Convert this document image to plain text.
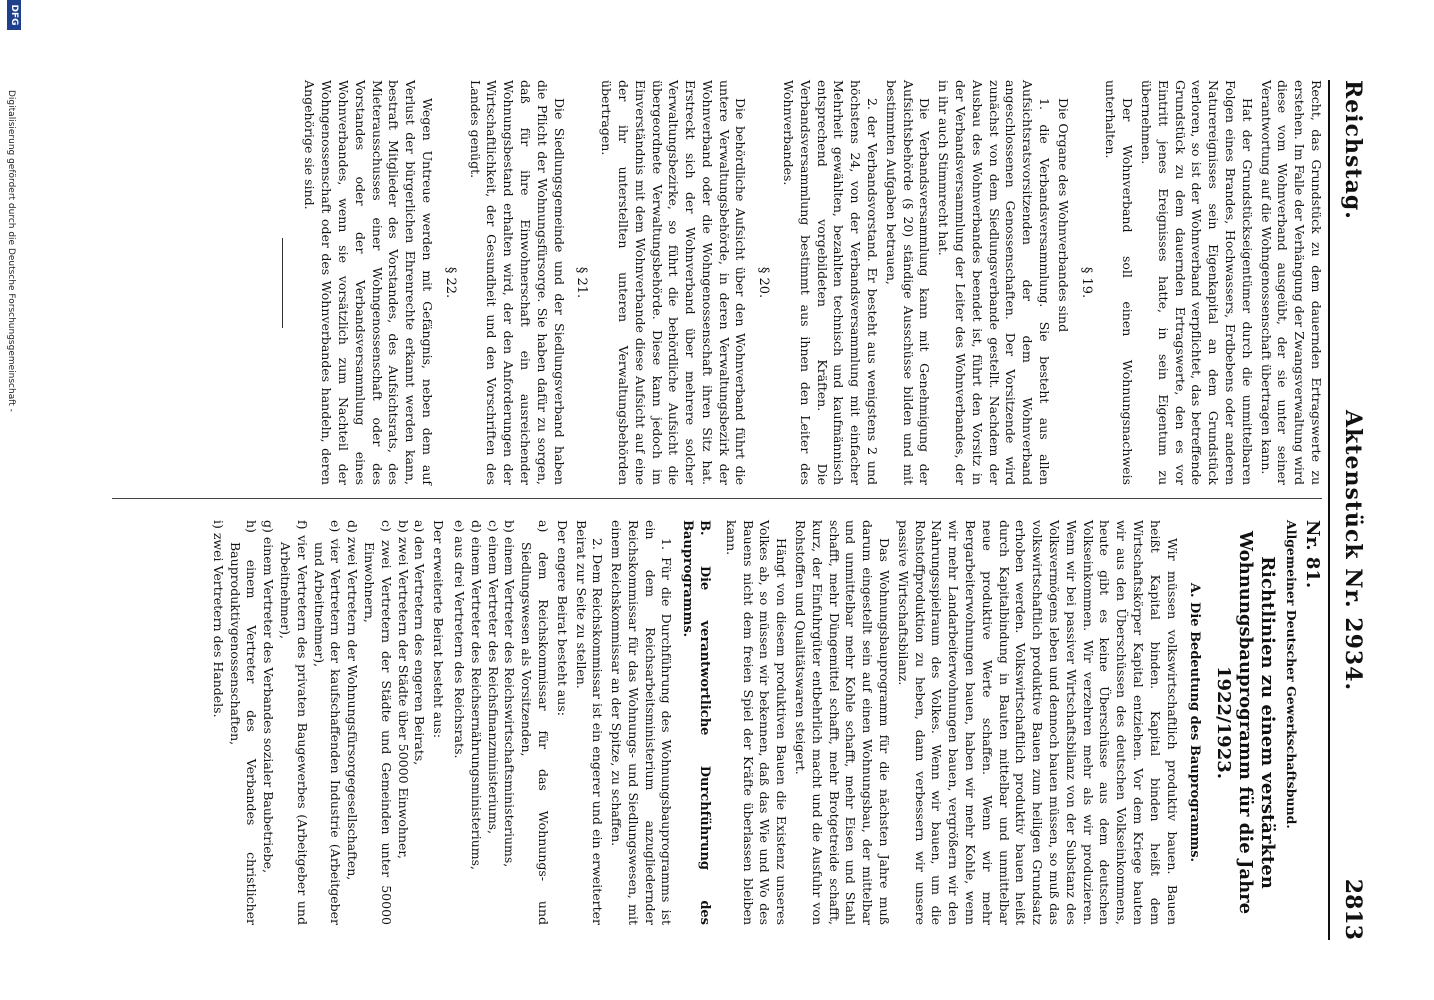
Reichstag.
Aktenstück Nr. 2934.
2813

Recht, das Grundstück zu dem dauernden Ertragswerte zu erstehen. Im Falle der Verhängung der Zwangsverwaltung wird diese vom Wohnverband ausgeübt, der sie unter seiner Verantwortung auf die Wohngenossenschaft übertragen kann.

Hat der Grundstückseigentümer durch die unmittelbaren Folgen eines Brandes, Hochwassers, Erdbebens oder anderen Naturereignisses sein Eigenkapital an dem Grundstück verloren, so ist der Wohnverband verpflichtet, das betreffende Grundstück zu dem dauernden Ertragswerte, den es vor Eintritt jenes Ereignisses hatte, in sein Eigentum zu übernehmen.

Der Wohnverband soll einen Wohnungsnachweis unterhalten.

§ 19.

Die Organe des Wohnverbandes sind

1. die Verbandsversammlung. Sie besteht aus allen Aufsichtsratsvorsitzenden der dem Wohnverband angeschlossenen Genossenschaften. Der Vorsitzende wird zunächst von dem Siedlungsverbande gestellt. Nachdem der Ausbau des Wohnverbandes beendet ist, führt den Vorsitz in der Verbandsversammlung der Leiter des Wohnverbandes, der in ihr auch Stimmrecht hat.

Die Verbandsversammlung kann mit Genehmigung der Aufsichtsbehörde (§ 20) ständige Ausschüsse bilden und mit bestimmten Aufgaben betrauen,

2. der Verbandsvorstand. Er besteht aus wenigstens 2 und höchstens 24, von der Verbandsversammlung mit einfacher Mehrheit gewählten, bezahlten technisch und kaufmännisch entsprechend vorgebildeten Kräften. Die Verbandsversammlung bestimmt aus ihnen den Leiter des Wohnverbandes.

§ 20.

Die behördliche Aufsicht über den Wohnverband führt die untere Verwaltungsbehörde, in deren Verwaltungsbezirk der Wohnverband oder die Wohngenossenschaft ihren Sitz hat. Erstreckt sich der Wohnverband über mehrere solcher Verwaltungsbezirke, so führt die behördliche Aufsicht die übergeordnete Verwaltungsbehörde. Diese kann jedoch im Einverständnis mit dem Wohnverbande diese Aufsicht auf eine der ihr unterstellten unteren Verwaltungsbehörden übertragen.

§ 21.

Die Siedlungsgemeinde und der Siedlungsverband haben die Pflicht der Wohnungsfürsorge. Sie haben dafür zu sorgen, daß für ihre Einwohnerschaft ein ausreichender Wohnungsbestand erhalten wird, der den Anforderungen der Wirtschaftlichkeit, der Gesundheit und den Vorschriften des Landes genügt.

§ 22.

Wegen Untreue werden mit Gefängnis, neben dem auf Verlust der bürgerlichen Ehrenrechte erkannt werden kann, bestraft Mitglieder des Vorstandes, des Aufsichtsrats, des Mieterausschusses einer Wohngenossenschaft oder des Vorstandes oder der Verbandsversammlung eines Wohnverbandes, wenn sie vorsätzlich zum Nachteil der Wohngenossenschaft oder des Wohnverbandes handeln, deren Angehörige sie sind.

Nr. 81.
Allgemeiner Deutscher Gewerkschaftsbund.
Richtlinien zu einem verstärkten Wohnungsbauprogramm für die Jahre 1922/1923.
A. Die Bedeutung des Bauprogramms.

Wir müssen volkswirtschaftlich produktiv bauen. Bauen heißt Kapital binden. Kapital binden heißt dem Wirtschaftskörper Kapital entziehen. Vor dem Kriege bauten wir aus den Überschüssen des deutschen Volkseinkommens, heute gibt es keine Überschüsse aus dem deutschen Volkseinkommen. Wir verzehren mehr als wir produzieren. Wenn wir bei passiver Wirtschaftsbilanz von der Substanz des Volksvermögens leben und dennoch bauen müssen, so muß das volkswirtschaftlich produktive Bauen zum heiligen Grundsatz erhoben werden. Volkswirtschaftlich produktiv bauen heißt durch Kapitalbindung in Bauten mittelbar und unmittelbar neue produktive Werte schaffen. Wenn wir mehr Bergarbeiterwohnungen bauen, haben wir mehr Kohle, wenn wir mehr Landarbeiterwohnungen bauen, vergrößern wir den Nahrungsspielraum des Volkes. Wenn wir bauen, um die Rohstoffproduktion zu heben, dann verbessern wir unsere passive Wirtschaftsbilanz.

Das Wohnungsbauprogramm für die nächsten Jahre muß darum eingestellt sein auf einen Wohnungsbau, der mittelbar und unmittelbar mehr Kohle schafft, mehr Eisen und Stahl schafft, mehr Düngemittel schafft, mehr Brotgetreide schafft, kurz, der Einfuhrgüter entbehrlich macht und die Ausfuhr von Rohstoffen und Qualitätswaren steigert.

Hängt von diesem produktiven Bauen die Existenz unseres Volkes ab, so müssen wir bekennen, daß das Wie und Wo des Bauens nicht dem freien Spiel der Kräfte überlassen bleiben kann.

B. Die verantwortliche Durchführung des Bauprogramms.

1. Für die Durchführung des Wohnungsbauprogramms ist ein dem Reichsarbeitsministerium anzugliedernder Reichskommissar für das Wohnungs- und Siedlungswesen, mit einem Reichskommissar an der Spitze, zu schaffen.

2. Dem Reichskommissar ist ein engerer und ein erweiterter Beirat zur Seite zu stellen.

Der engere Beirat besteht aus:

a) dem Reichskommissar für das Wohnungs- und Siedlungswesen als Vorsitzenden,
b) einem Vertreter des Reichswirtschaftsministeriums,
c) einem Vertreter des Reichsfinanzministeriums,
d) einem Vertreter des Reichsernährungsministeriums,
e) aus drei Vertretern des Reichsrats.

Der erweiterte Beirat besteht aus:

a) den Vertretern des engeren Beirats,
b) zwei Vertretern der Städte über 50000 Einwohner,
c) zwei Vertretern der Städte und Gemeinden unter 50000 Einwohnern,
d) zwei Vertretern der Wohnungsfürsorgegesellschaften,
e) vier Vertretern der kaufschaffenden Industrie (Arbeitgeber und Arbeitnehmer),
f) vier Vertretern des privaten Baugewerbes (Arbeitgeber und Arbeitnehmer),
g) einem Vertreter des Verbandes sozialer Baubetriebe,
h) einem Vertreter des Verbandes christlicher Bauproduktivgenossenschaften,
i) zwei Vertretern des Handels.
DFG
Digitalisierung gefördert durch die Deutsche Forschungsgemeinschaft -
